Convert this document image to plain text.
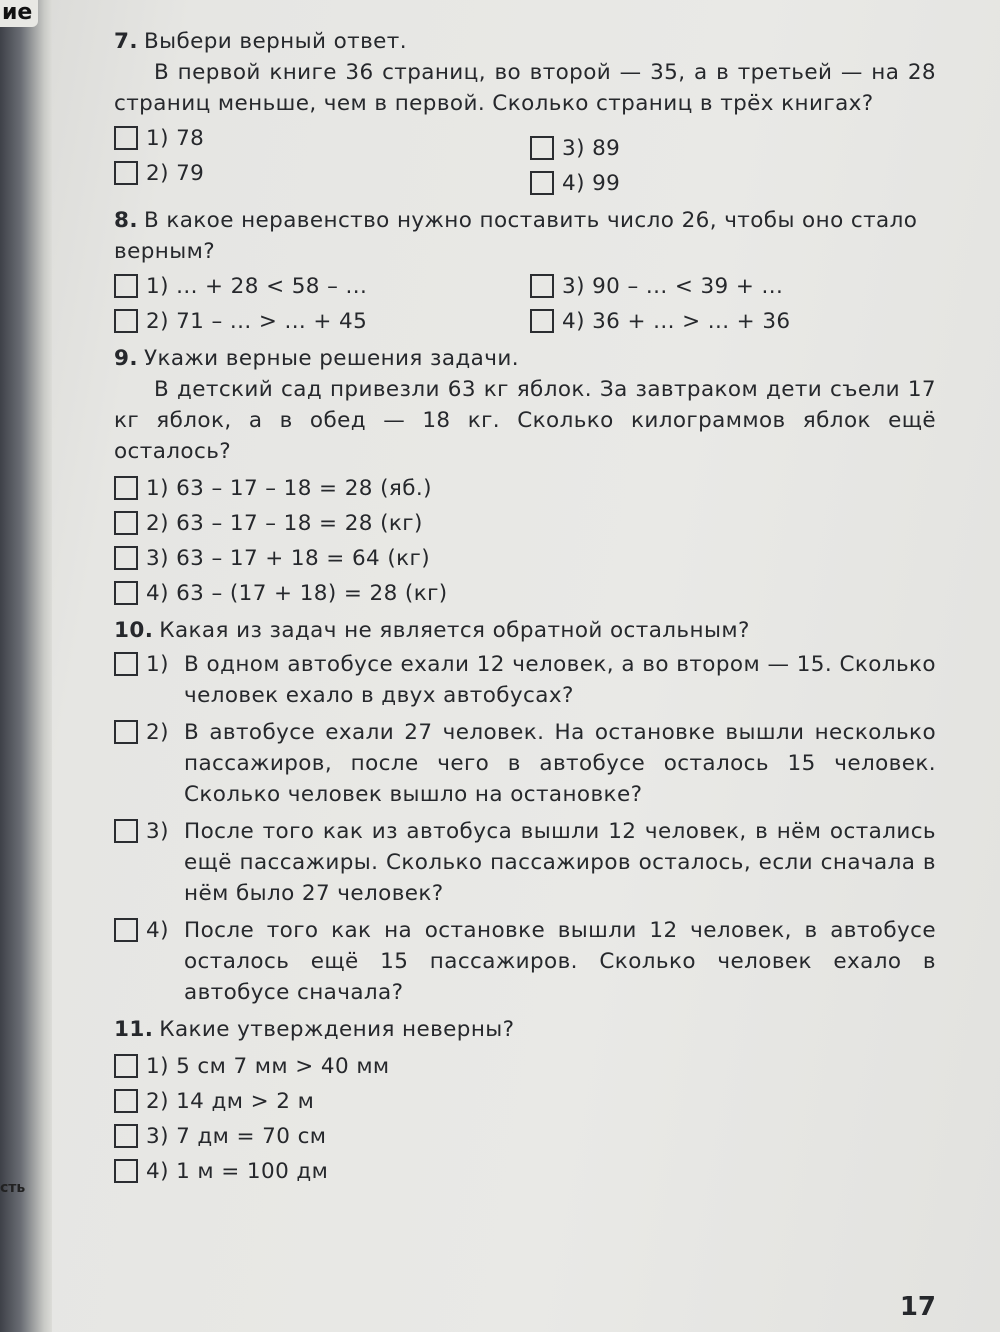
ие
сть
7. Выбери верный ответ.
В первой книге 36 страниц, во второй — 35, а в третьей — на 28 страниц меньше, чем в первой. Сколько страниц в трёх книгах?
1) 78
2) 79
3) 89
4) 99
8. В какое неравенство нужно поставить число 26, чтобы оно стало верным?
1) ... + 28 < 58 – ...
2) 71 – ... > ... + 45
3) 90 – ... < 39 + ...
4) 36 + ... > ... + 36
9. Укажи верные решения задачи.
В детский сад привезли 63 кг яблок. За завтраком дети съели 17 кг яблок, а в обед — 18 кг. Сколько килограммов яблок ещё осталось?
1) 63 – 17 – 18 = 28 (яб.)
2) 63 – 17 – 18 = 28 (кг)
3) 63 – 17 + 18 = 64 (кг)
4) 63 – (17 + 18) = 28 (кг)
10. Какая из задач не является обратной остальным?
1) В одном автобусе ехали 12 человек, а во втором — 15. Сколько человек ехало в двух автобусах?
2) В автобусе ехали 27 человек. На остановке вышли несколько пассажиров, после чего в автобусе осталось 15 человек. Сколько человек вышло на остановке?
3) После того как из автобуса вышли 12 человек, в нём остались ещё пассажиры. Сколько пассажиров осталось, если сначала в нём было 27 человек?
4) После того как на остановке вышли 12 человек, в автобусе осталось ещё 15 пассажиров. Сколько человек ехало в автобусе сначала?
11. Какие утверждения неверны?
1) 5 см 7 мм > 40 мм
2) 14 дм > 2 м
3) 7 дм = 70 см
4) 1 м = 100 дм
17
